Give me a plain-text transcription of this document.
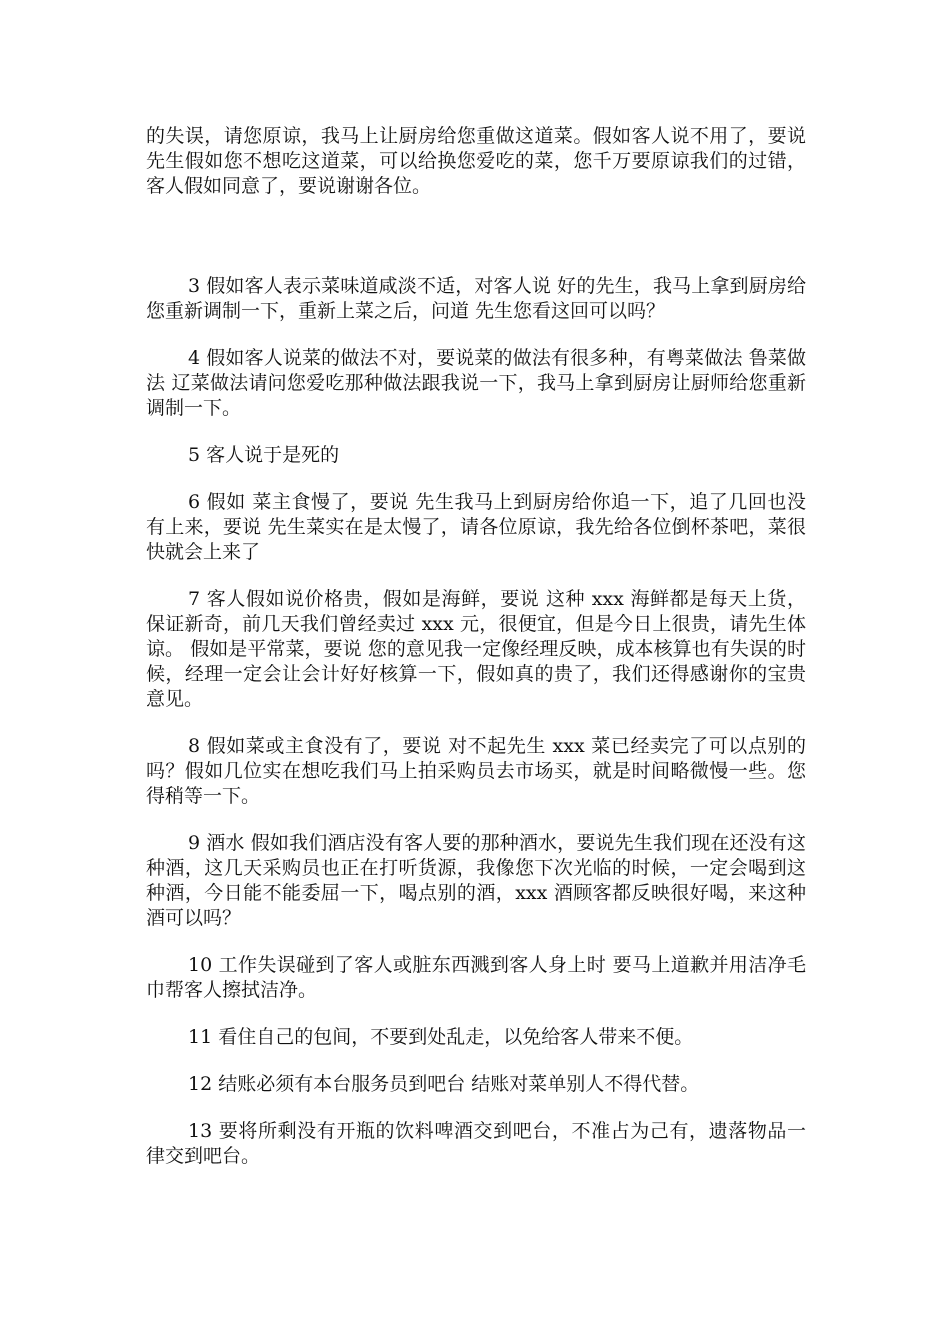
的失误，请您原谅，我马上让厨房给您重做这道菜。假如客人说不用了，要说先生假如您不想吃这道菜，可以给换您爱吃的菜，您千万要原谅我们的过错，客人假如同意了，要说谢谢各位。

3 假如客人表示菜味道咸淡不适，对客人说 好的先生，我马上拿到厨房给您重新调制一下，重新上菜之后，问道 先生您看这回可以吗？

4 假如客人说菜的做法不对，要说菜的做法有很多种，有粤菜做法 鲁菜做法 辽菜做法请问您爱吃那种做法跟我说一下，我马上拿到厨房让厨师给您重新调制一下。

5 客人说于是死的

6 假如 菜主食慢了，要说 先生我马上到厨房给你追一下，追了几回也没有上来，要说 先生菜实在是太慢了，请各位原谅，我先给各位倒杯茶吧，菜很快就会上来了

7 客人假如说价格贵，假如是海鲜，要说 这种 xxx 海鲜都是每天上货，保证新奇，前几天我们曾经卖过 xxx 元，很便宜，但是今日上很贵，请先生体谅。 假如是平常菜，要说 您的意见我一定像经理反映，成本核算也有失误的时候，经理一定会让会计好好核算一下，假如真的贵了，我们还得感谢你的宝贵意见。

8 假如菜或主食没有了，要说 对不起先生 xxx 菜已经卖完了可以点别的吗？假如几位实在想吃我们马上拍采购员去市场买，就是时间略微慢一些。您得稍等一下。

9 酒水 假如我们酒店没有客人要的那种酒水，要说先生我们现在还没有这种酒，这几天采购员也正在打听货源，我像您下次光临的时候，一定会喝到这种酒，今日能不能委屈一下，喝点别的酒，xxx 酒顾客都反映很好喝，来这种酒可以吗？

10 工作失误碰到了客人或脏东西溅到客人身上时 要马上道歉并用洁净毛巾帮客人擦拭洁净。

11 看住自己的包间，不要到处乱走，以免给客人带来不便。

12 结账必须有本台服务员到吧台 结账对菜单别人不得代替。

13 要将所剩没有开瓶的饮料啤酒交到吧台，不准占为己有，遗落物品一律交到吧台。
